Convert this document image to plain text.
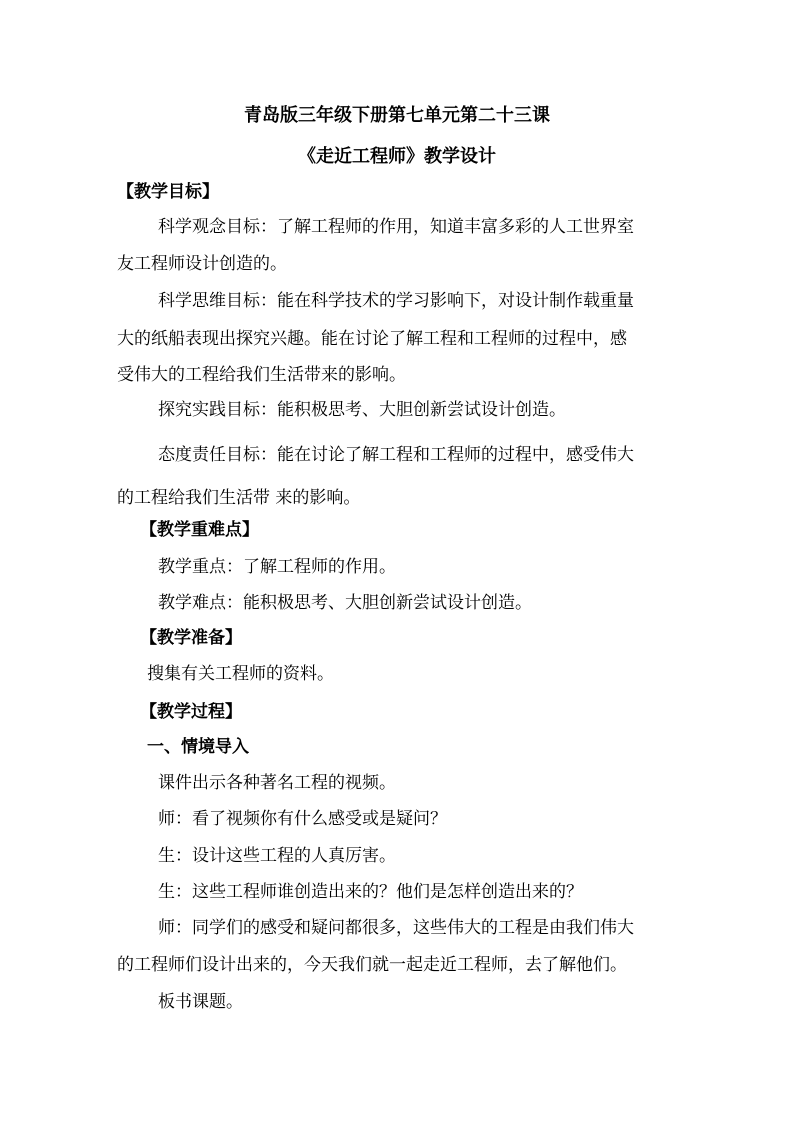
青岛版三年级下册第七单元第二十三课
《走近工程师》教学设计
【教学目标】
科学观念目标：了解工程师的作用，知道丰富多彩的人工世界室
友工程师设计创造的。
科学思维目标：能在科学技术的学习影响下，对设计制作载重量
大的纸船表现出探究兴趣。能在讨论了解工程和工程师的过程中，感
受伟大的工程给我们生活带来的影响。
探究实践目标：能积极思考、大胆创新尝试设计创造。
态度责任目标：能在讨论了解工程和工程师的过程中，感受伟大
的工程给我们生活带 来的影响。
【教学重难点】
教学重点：了解工程师的作用。
教学难点：能积极思考、大胆创新尝试设计创造。
【教学准备】
搜集有关工程师的资料。
【教学过程】
一、情境导入
课件出示各种著名工程的视频。
师：看了视频你有什么感受或是疑问？
生：设计这些工程的人真厉害。
生：这些工程师谁创造出来的？他们是怎样创造出来的？
师：同学们的感受和疑问都很多，这些伟大的工程是由我们伟大
的工程师们设计出来的，今天我们就一起走近工程师，去了解他们。
板书课题。
